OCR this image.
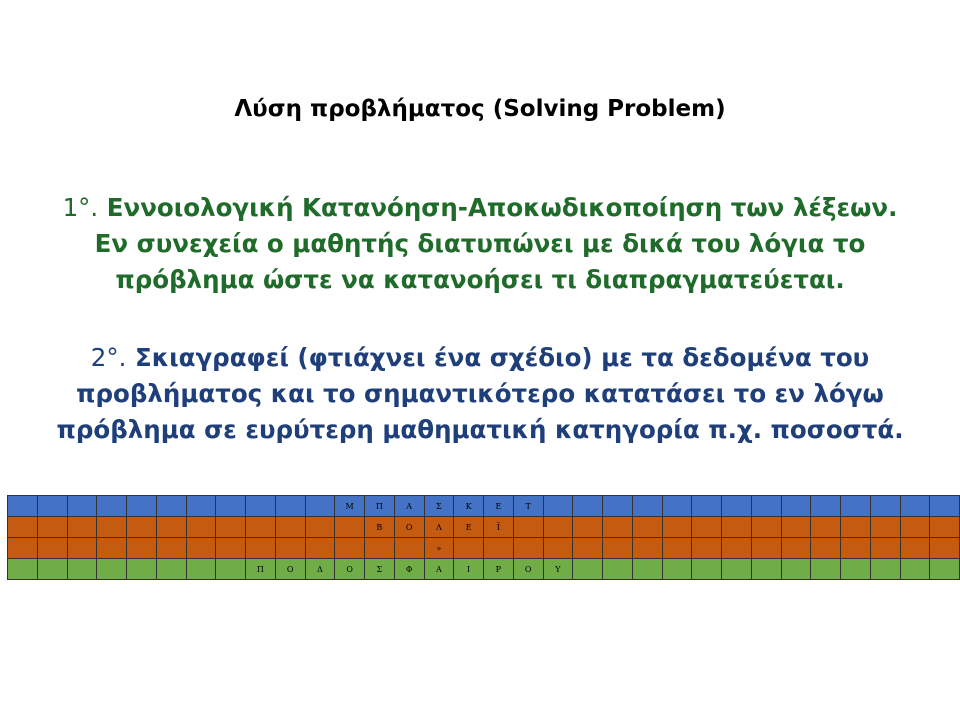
Λύση προβλήματος (Solving Problem)
1°. Εννοιολογική Κατανόηση-Αποκωδικοποίηση των λέξεων.
Εν συνεχεία ο μαθητής διατυπώνει με δικά του λόγια το
πρόβλημα ώστε να κατανοήσει τι διαπραγματεύεται.
2°. Σκιαγραφεί (φτιάχνει ένα σχέδιο) με τα δεδομένα του
προβλήματος και το σημαντικότερο κατατάσει το εν λόγω
πρόβλημα σε ευρύτερη μαθηματική κατηγορία π.χ. ποσοστά.
											Μ	Π	Α	Σ	Κ	Ε	Τ														
												Β	Ο	Λ	Ε	Ϊ															
														»																	
								Π	Ο	Δ	Ο	Σ	Φ	Α	Ι	Ρ	Ο	Υ													
